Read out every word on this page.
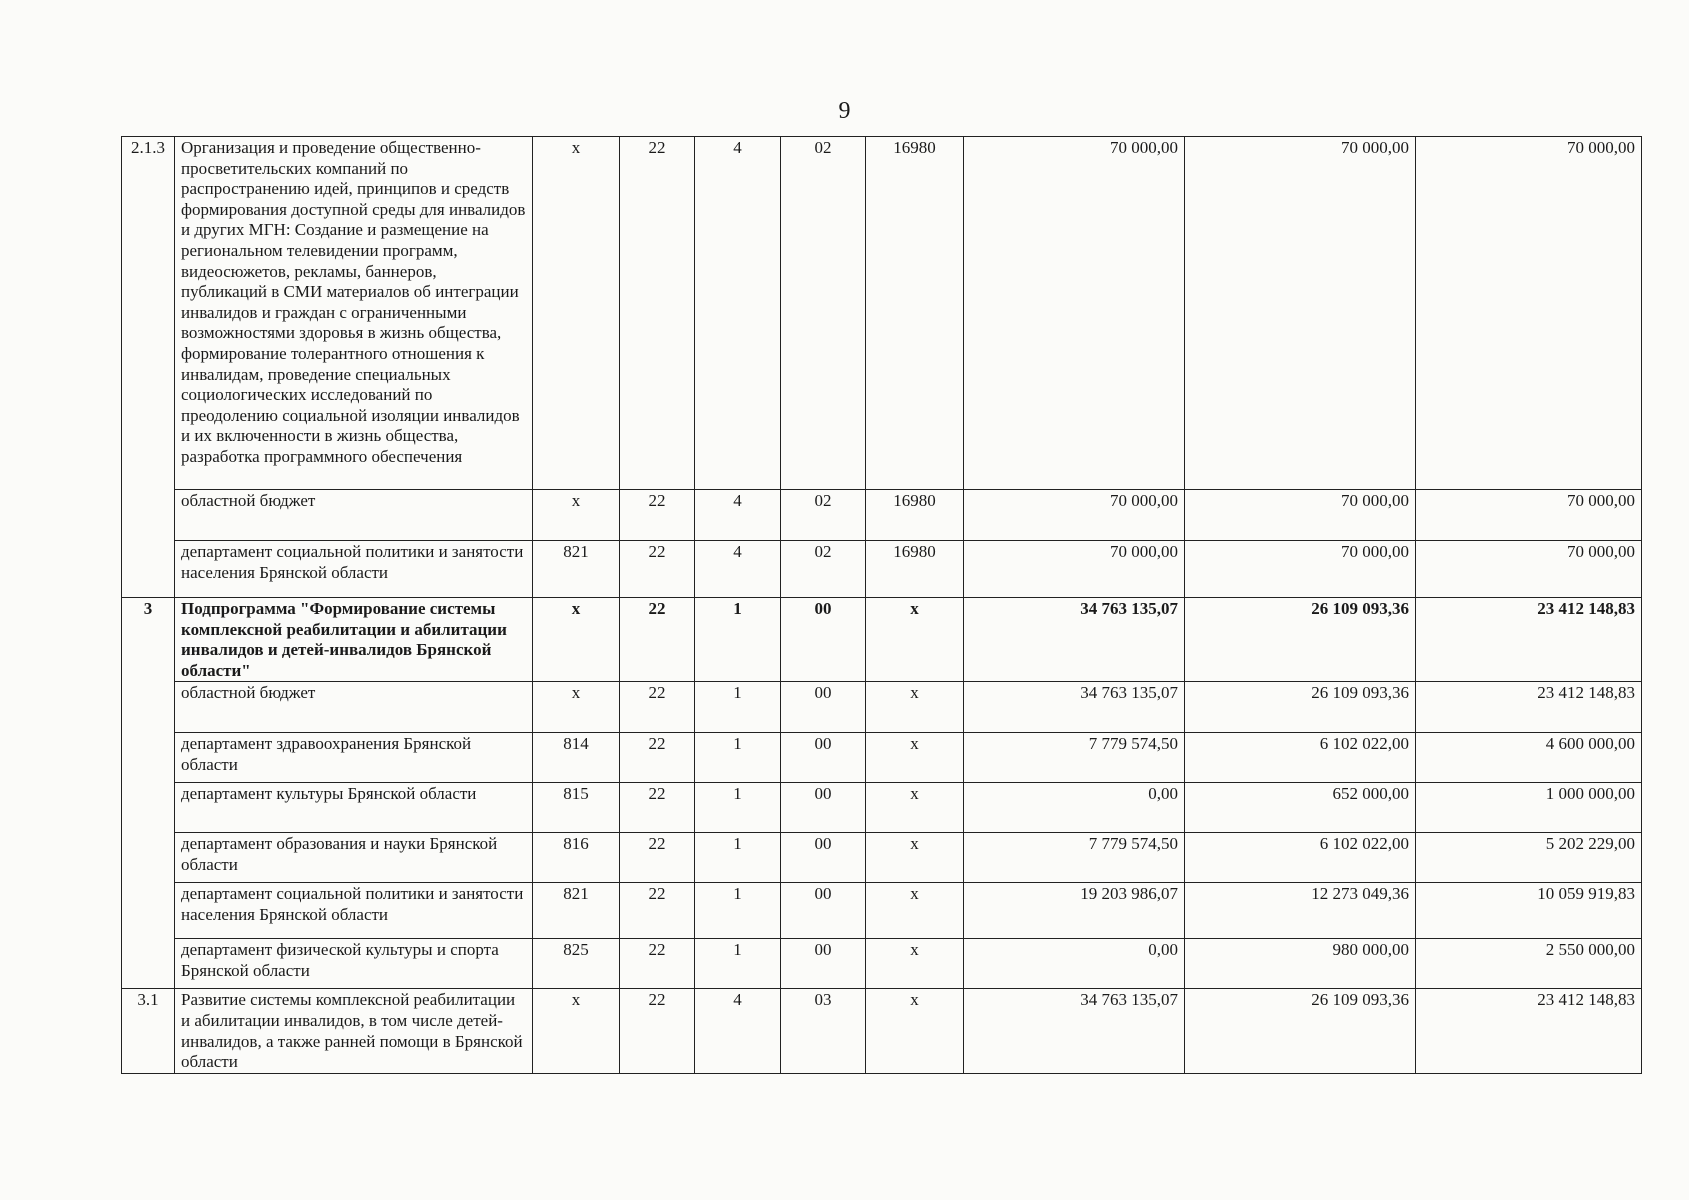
9
2.1.3	Организация и проведение общественно-просветительских компаний по распространению идей, принципов и средств формирования доступной среды для инвалидов и других МГН: Создание и размещение на региональном телевидении программ, видеосюжетов, рекламы, баннеров, публикаций в СМИ материалов об интеграции инвалидов и граждан с ограниченными возможностями здоровья в жизнь общества, формирование толерантного отношения к инвалидам, проведение специальных социологических исследований по преодолению социальной изоляции инвалидов и их включенности в жизнь общества, разработка программного обеспечения	х	22	4	02	16980	70 000,00	70 000,00	70 000,00
	областной бюджет	х	22	4	02	16980	70 000,00	70 000,00	70 000,00
	департамент социальной политики и занятости населения Брянской области	821	22	4	02	16980	70 000,00	70 000,00	70 000,00
3	Подпрограмма "Формирование системы комплексной реабилитации и абилитации инвалидов и детей-инвалидов Брянской области"	х	22	1	00	х	34 763 135,07	26 109 093,36	23 412 148,83
	областной бюджет	х	22	1	00	х	34 763 135,07	26 109 093,36	23 412 148,83
	департамент здравоохранения Брянской области	814	22	1	00	х	7 779 574,50	6 102 022,00	4 600 000,00
	департамент культуры Брянской области	815	22	1	00	х	0,00	652 000,00	1 000 000,00
	департамент образования и науки Брянской области	816	22	1	00	х	7 779 574,50	6 102 022,00	5 202 229,00
	департамент социальной политики и занятости населения Брянской области	821	22	1	00	х	19 203 986,07	12 273 049,36	10 059 919,83
	департамент физической культуры и спорта Брянской области	825	22	1	00	х	0,00	980 000,00	2 550 000,00
3.1	Развитие системы комплексной реабилитации и абилитации инвалидов, в том числе детей-инвалидов, а также ранней помощи в Брянской области	х	22	4	03	х	34 763 135,07	26 109 093,36	23 412 148,83
